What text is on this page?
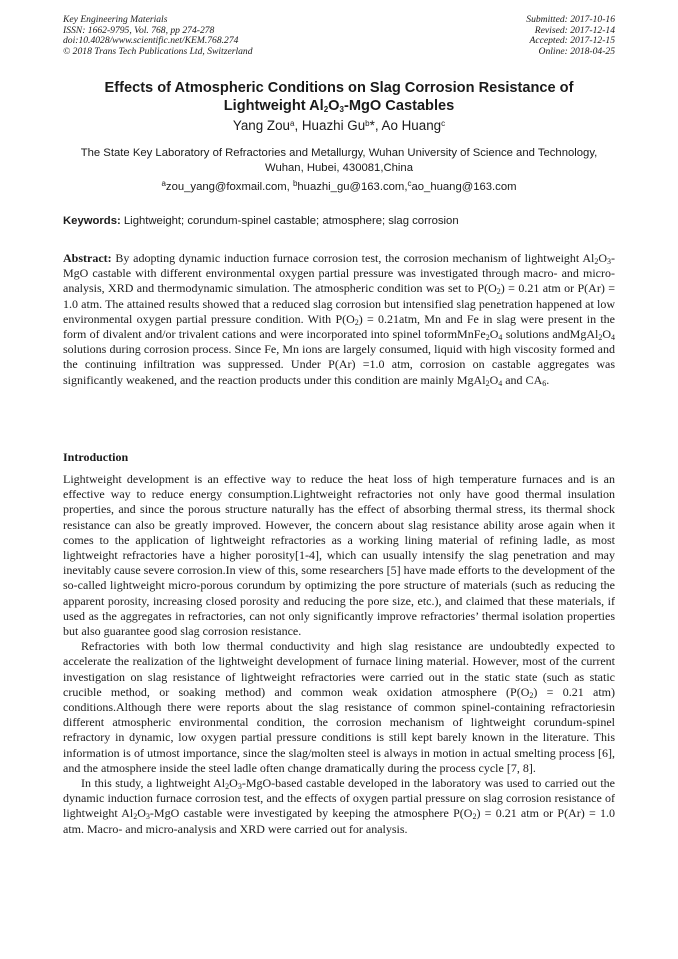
Key Engineering Materials
ISSN: 1662-9795, Vol. 768, pp 274-278
doi:10.4028/www.scientific.net/KEM.768.274
© 2018 Trans Tech Publications Ltd, Switzerland
Submitted: 2017-10-16
Revised: 2017-12-14
Accepted: 2017-12-15
Online: 2018-04-25
Effects of Atmospheric Conditions on Slag Corrosion Resistance of
Lightweight $Al_2O_3$-MgO Castables
Yang Zou$^a$, Huazhi Gu$^b$*, Ao Huang$^c$
The State Key Laboratory of Refractories and Metallurgy, Wuhan University of Science and Technology, Wuhan, Hubei, 430081,China
$^a$zou_yang@foxmail.com, $^b$huazhi_gu@163.com,$^c$ao_huang@163.com
Keywords: Lightweight; corundum-spinel castable; atmosphere; slag corrosion
Abstract: By adopting dynamic induction furnace corrosion test, the corrosion mechanism of lightweight $Al_2O_3$-MgO castable with different environmental oxygen partial pressure was investigated through macro- and micro-analysis, XRD and thermodynamic simulation. The atmospheric condition was set to $P(O_2) = 0.21$ atm or P(Ar) = 1.0 atm. The attained results showed that a reduced slag corrosion but intensified slag penetration happened at low environmental oxygen partial pressure condition. With $P(O_2) = 0.21atm$, Mn and Fe in slag were present in the form of divalent and/or trivalent cations and were incorporated into spinel $toformMnFe_2O_4$ solutions $andMgAl_2O_4$ solutions during corrosion process. Since Fe, Mn ions are largely consumed, liquid with high viscosity formed and the continuing infiltration was suppressed. Under P(Ar) =1.0 atm, corrosion on castable aggregates was significantly weakened, and the reaction products under this condition are mainly $MgAl_2O_4$ and $CA_6$.
Introduction

Lightweight development is an effective way to reduce the heat loss of high temperature furnaces and is an effective way to reduce energy consumption.Lightweight refractories not only have good thermal insulation properties, and since the porous structure naturally has the effect of absorbing thermal stress, its thermal shock resistance can also be greatly improved. However, the concern about slag resistance ability arose again when it comes to the application of lightweight refractories as a working lining material of refining ladle, as most lightweight refractories have a higher porosity[1-4], which can usually intensify the slag penetration and may inevitably cause severe corrosion.In view of this, some researchers [5] have made efforts to the development of the so-called lightweight micro-porous corundum by optimizing the pore structure of materials (such as reducing the apparent porosity, increasing closed porosity and reducing the pore size, etc.), and claimed that these materials, if used as the aggregates in refractories, can not only significantly improve refractories’ thermal isolation properties but also guarantee good slag corrosion resistance.

Refractories with both low thermal conductivity and high slag resistance are undoubtedly expected to accelerate the realization of the lightweight development of furnace lining material. However, most of the current investigation on slag resistance of lightweight refractories were carried out in the static state (such as static crucible method, or soaking method) and common weak oxidation atmosphere ($P(O_2) = 0.21$ atm) conditions.Although there were reports about the slag resistance of common spinel-containing refractoriesin different atmospheric environmental condition, the corrosion mechanism of lightweight corundum-spinel refractory in dynamic, low oxygen partial pressure conditions is still kept barely known in the literature. This information is of utmost importance, since the slag/molten steel is always in motion in actual smelting process [6], and the atmosphere inside the steel ladle often change dramatically during the process cycle [7, 8].

In this study, a lightweight $Al_2O_3-MgO$-based castable developed in the laboratory was used to carried out the dynamic induction furnace corrosion test, and the effects of oxygen partial pressure on slag corrosion resistance of lightweight $Al_2O_3$-MgO castable were investigated by keeping the atmosphere $P(O_2) = 0.21$ atm or P(Ar) = 1.0 atm. Macro- and micro-analysis and XRD were carried out for analysis.
